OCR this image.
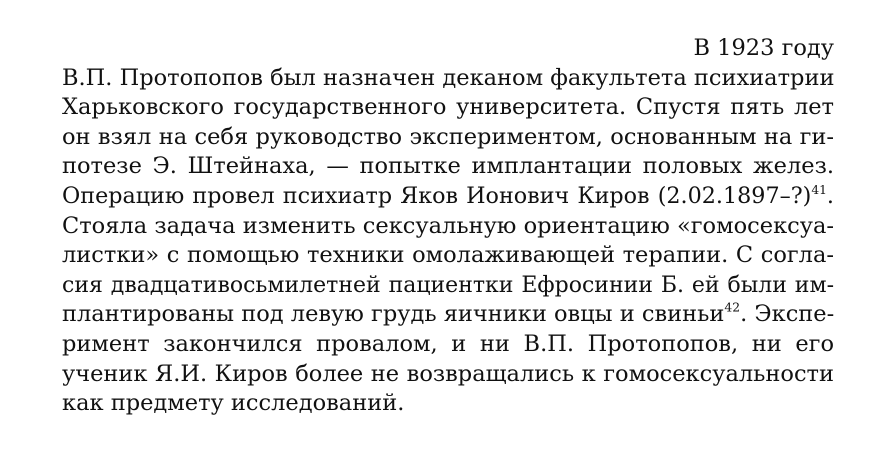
В 1923 году
В.П. Протопопов был назначен деканом факультета психиатрии
Харьковского государственного университета. Спустя пять лет
он взял на себя руководство экспериментом, основанным на ги-
потезе Э. Штейнаха, — попытке имплантации половых желез.
Операцию провел психиатр Яков Ионович Киров (2.02.1897–?)$^{41}$.
Стояла задача изменить сексуальную ориентацию «гомосексуа-
листки» с помощью техники омолаживающей терапии. С согла-
сия двадцативосьмилетней пациентки Ефросинии Б. ей были им-
плантированы под левую грудь яичники овцы и свиньи$^{42}$. Экспе-
римент закончился провалом, и ни В.П. Протопопов, ни его
ученик Я.И. Киров более не возвращались к гомосексуальности
как предмету исследований.
